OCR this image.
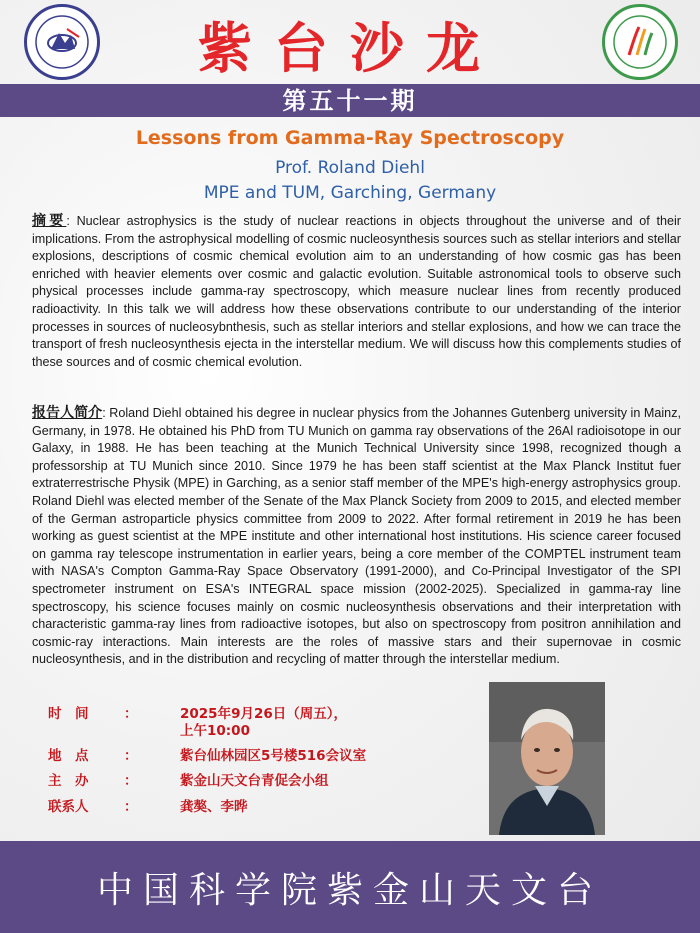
紫台沙龙
第五十一期
Lessons from Gamma-Ray Spectroscopy
Prof. Roland Diehl
MPE and TUM, Garching, Germany

摘要: Nuclear astrophysics is the study of nuclear reactions in objects throughout the universe and of their implications. From the astrophysical modelling of cosmic nucleosynthesis sources such as stellar interiors and stellar explosions, descriptions of cosmic chemical evolution aim to an understanding of how cosmic gas has been enriched with heavier elements over cosmic and galactic evolution. Suitable astronomical tools to observe such physical processes include gamma-ray spectroscopy, which measure nuclear lines from recently produced radioactivity. In this talk we will address how these observations contribute to our understanding of the interior processes in sources of nucleosybnthesis, such as stellar interiors and stellar explosions, and how we can trace the transport of fresh nucleosynthesis ejecta in the interstellar medium. We will discuss how this complements studies of these sources and of cosmic chemical evolution.

报告人简介: Roland Diehl obtained his degree in nuclear physics from the Johannes Gutenberg university in Mainz, Germany, in 1978. He obtained his PhD from TU Munich on gamma ray observations of the 26Al radioisotope in our Galaxy, in 1988. He has been teaching at the Munich Technical University since 1998, recognized though a professorship at TU Munich since 2010. Since 1979 he has been staff scientist at the Max Planck Institut fuer extraterrestrische Physik (MPE) in Garching, as a senior staff member of the MPE's high-energy astrophysics group. Roland Diehl was elected member of the Senate of the Max Planck Society from 2009 to 2015, and elected member of the German astroparticle physics committee from 2009 to 2022. After formal retirement in 2019 he has been working as guest scientist at the MPE institute and other international host institutions. His science career focused on gamma ray telescope instrumentation in earlier years, being a core member of the COMPTEL instrument team with NASA's Compton Gamma-Ray Space Observatory (1991-2000), and Co-Principal Investigator of the SPI spectrometer instrument on ESA's INTEGRAL space mission (2002-2025). Specialized in gamma-ray line spectroscopy, his science focuses mainly on cosmic nucleosynthesis observations and their interpretation with characteristic gamma-ray lines from radioactive isotopes, but also on spectroscopy from positron annihilation and cosmic-ray interactions. Main interests are the roles of massive stars and their supernovae in cosmic nucleosynthesis, and in the distribution and recycling of matter through the interstellar medium.

时　间	：	2025年9月26日（周五），
上午10:00
地　点	：	紫台仙林园区5号楼516会议室
主　办	：	紫金山天文台青促会小组
联系人	：	龚獒、李晔
中国科学院紫金山天文台
